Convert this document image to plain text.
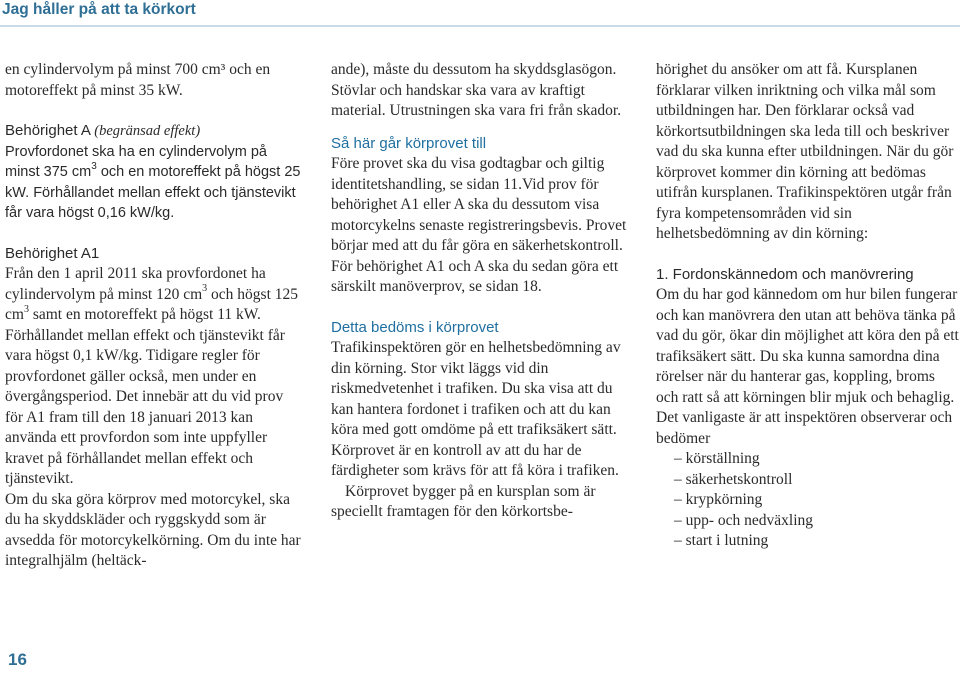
Jag håller på att ta körkort

en cylindervolym på minst 700 cm³ och en motoreffekt på minst 35 kW.

Behörighet A (begränsad effekt)

Provfordonet ska ha en cylindervolym på minst 375 $cm^3$ och en motoreffekt på högst 25 kW. Förhållandet mellan effekt och tjänstevikt får vara högst 0,16 kW/kg.

Behörighet A1

Från den 1 april 2011 ska provfordonet ha cylindervolym på minst 120 $cm^3$ och högst 125 $cm^3$ samt en motoreffekt på högst 11 kW. Förhållandet mellan effekt och tjänstevikt får vara högst 0,1 kW/kg. Tidigare regler för provfordonet gäller också, men under en övergångsperiod. Det innebär att du vid prov för A1 fram till den 18 januari 2013 kan använda ett provfordon som inte uppfyller kravet på förhållandet mellan effekt och tjänstevikt.

Om du ska göra körprov med motorcykel, ska du ha skyddskläder och ryggskydd som är avsedda för motorcykelkörning. Om du inte har integralhjälm (heltäck-

ande), måste du dessutom ha skyddsglasögon. Stövlar och handskar ska vara av kraftigt material. Utrustningen ska vara fri från skador.

Så här går körprovet till

Före provet ska du visa godtagbar och giltig identitetshandling, se sidan 11.Vid prov för behörighet A1 eller A ska du dessutom visa motorcykelns senaste registreringsbevis. Provet börjar med att du får göra en säkerhetskontroll. För behörighet A1 och A ska du sedan göra ett särskilt manöverprov, se sidan 18.

Detta bedöms i körprovet

Trafikinspektören gör en helhetsbedömning av din körning. Stor vikt läggs vid din riskmedvetenhet i trafiken. Du ska visa att du kan hantera fordonet i trafiken och att du kan köra med gott omdöme på ett trafiksäkert sätt. Körprovet är en kontroll av att du har de färdigheter som krävs för att få köra i trafiken.

Körprovet bygger på en kursplan som är speciellt framtagen för den körkortsbe-

hörighet du ansöker om att få. Kursplanen förklarar vilken inriktning och vilka mål som utbildningen har. Den förklarar också vad körkortsutbildningen ska leda till och beskriver vad du ska kunna efter utbildningen. När du gör körprovet kommer din körning att bedömas utifrån kursplanen. Trafikinspektören utgår från fyra kompetensområden vid sin helhetsbedömning av din körning:

1. Fordonskännedom och manövrering

Om du har god kännedom om hur bilen fungerar och kan manövrera den utan att behöva tänka på vad du gör, ökar din möjlighet att köra den på ett trafiksäkert sätt. Du ska kunna samordna dina rörelser när du hanterar gas, koppling, broms och ratt så att körningen blir mjuk och behaglig. Det vanligaste är att inspektören observerar och bedömer

– körställning
– säkerhetskontroll
– krypkörning
– upp- och nedväxling
– start i lutning
16
